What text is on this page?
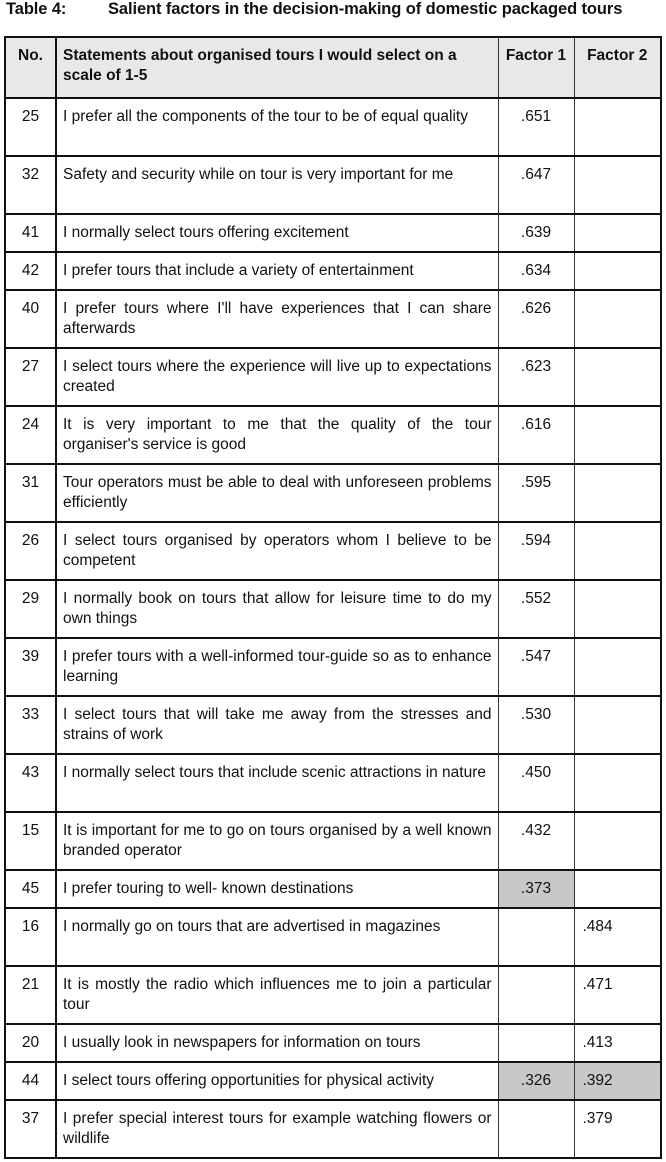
Table 4:	Salient factors in the decision-making of domestic packaged tours
No.	Statements about organised tours I would select on a scale of 1-5	Factor 1	Factor 2
25	I prefer all the components of the tour to be of equal quality	.651	
32	Safety and security while on tour is very important for me	.647	
41	I normally select tours offering excitement	.639	
42	I prefer tours that include a variety of entertainment	.634	
40	I prefer tours where I'll have experiences that I can share afterwards	.626	
27	I select tours where the experience will live up to expectations created	.623	
24	It is very important to me that the quality of the tour organiser's service is good	.616	
31	Tour operators must be able to deal with unforeseen problems efficiently	.595	
26	I select tours organised by operators whom I believe to be competent	.594	
29	I normally book on tours that allow for leisure time to do my own things	.552	
39	I prefer tours with a well-informed tour-guide so as to enhance learning	.547	
33	I select tours that will take me away from the stresses and strains of work	.530	
43	I normally select tours that include scenic attractions in nature	.450	
15	It is important for me to go on tours organised by a well known branded operator	.432	
45	I prefer touring to well- known destinations	.373	
16	I normally go on tours that are advertised in magazines		.484
21	It is mostly the radio which influences me to join a particular tour		.471
20	I usually look in newspapers for information on tours		.413
44	I select tours offering opportunities for physical activity	.326	.392
37	I prefer special interest tours for example watching flowers or wildlife		.379
